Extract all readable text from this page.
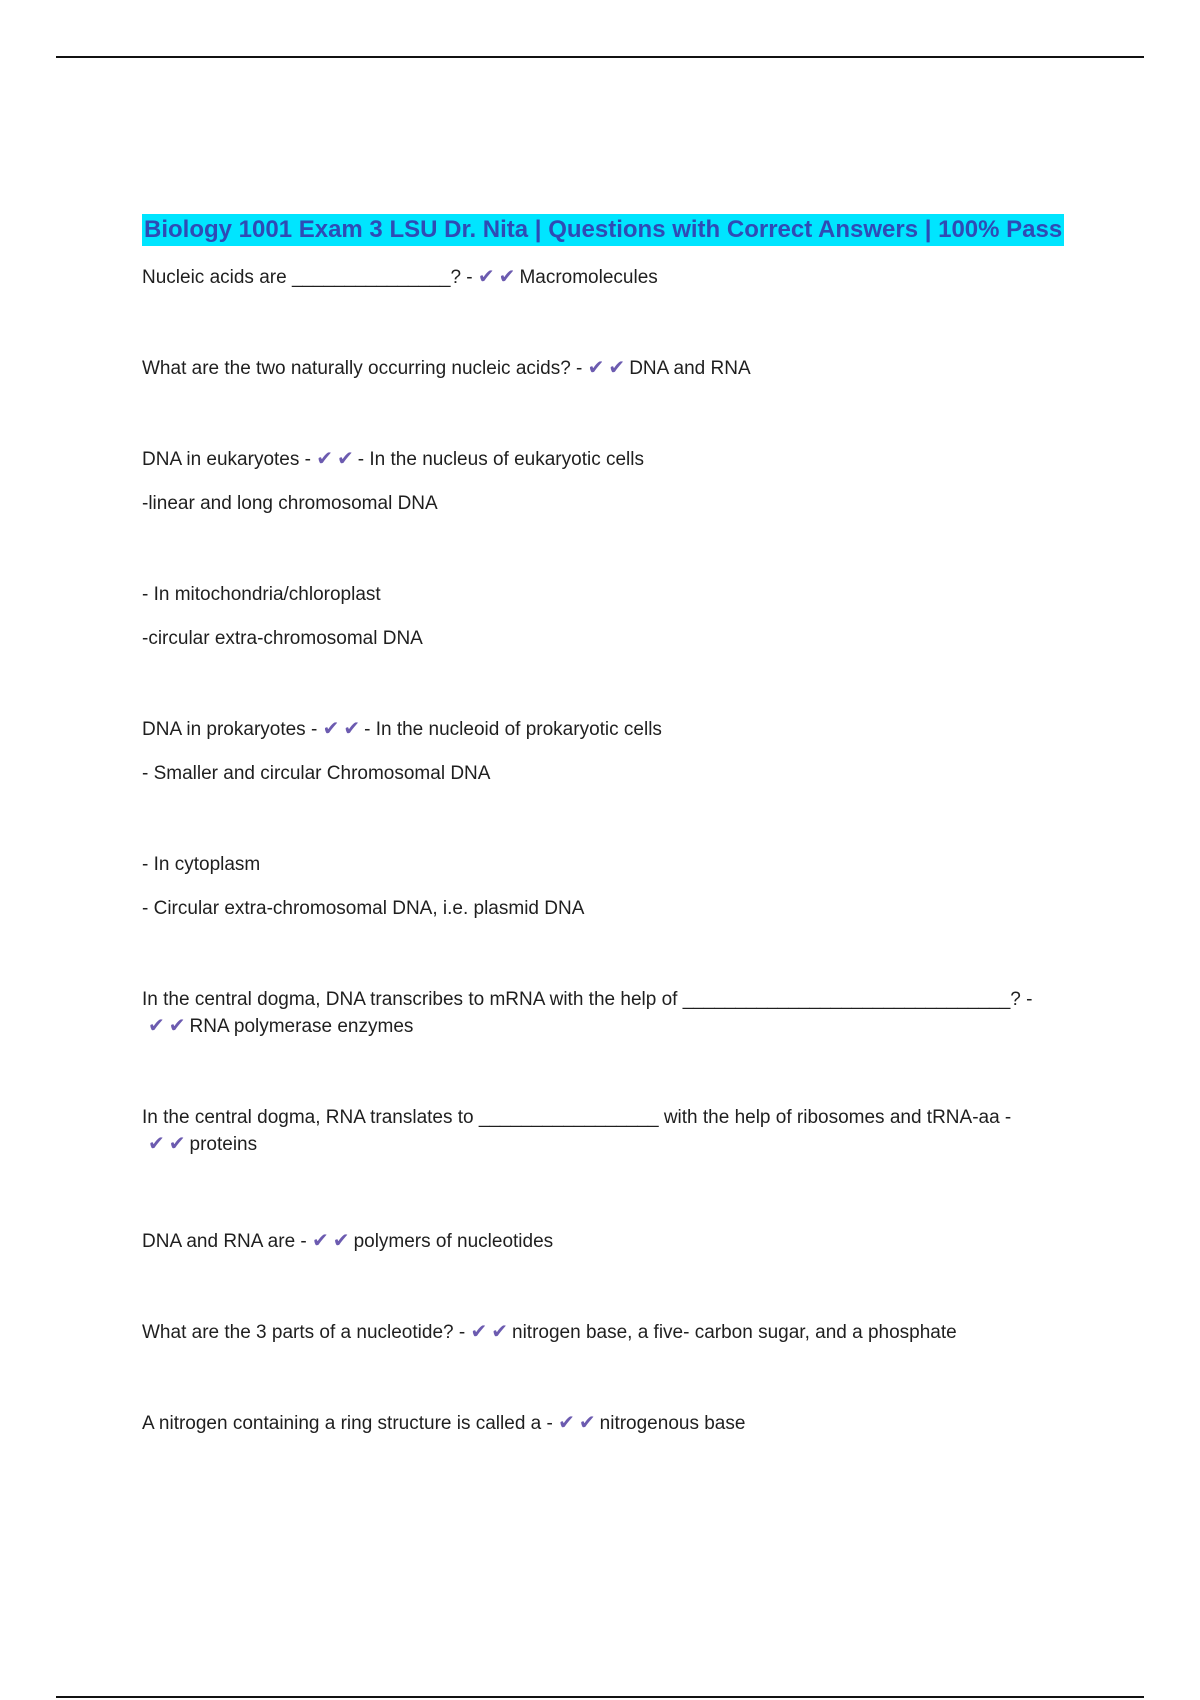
Biology 1001 Exam 3 LSU Dr. Nita | Questions with Correct Answers | 100% Pass

Nucleic acids are _______________? - ✔ ✔ Macromolecules

What are the two naturally occurring nucleic acids? - ✔ ✔ DNA and RNA

DNA in eukaryotes - ✔ ✔ - In the nucleus of eukaryotic cells

-linear and long chromosomal DNA

- In mitochondria/chloroplast

-circular extra-chromosomal DNA

DNA in prokaryotes - ✔ ✔ - In the nucleoid of prokaryotic cells

- Smaller and circular Chromosomal DNA

- In cytoplasm

- Circular extra-chromosomal DNA, i.e. plasmid DNA

In the central dogma, DNA transcribes to mRNA with the help of _______________________________? -

✔ ✔ RNA polymerase enzymes

In the central dogma, RNA translates to _________________ with the help of ribosomes and tRNA-aa -

✔ ✔ proteins

DNA and RNA are - ✔ ✔ polymers of nucleotides

What are the 3 parts of a nucleotide? - ✔ ✔ nitrogen base, a five- carbon sugar, and a phosphate

A nitrogen containing a ring structure is called a - ✔ ✔ nitrogenous base
